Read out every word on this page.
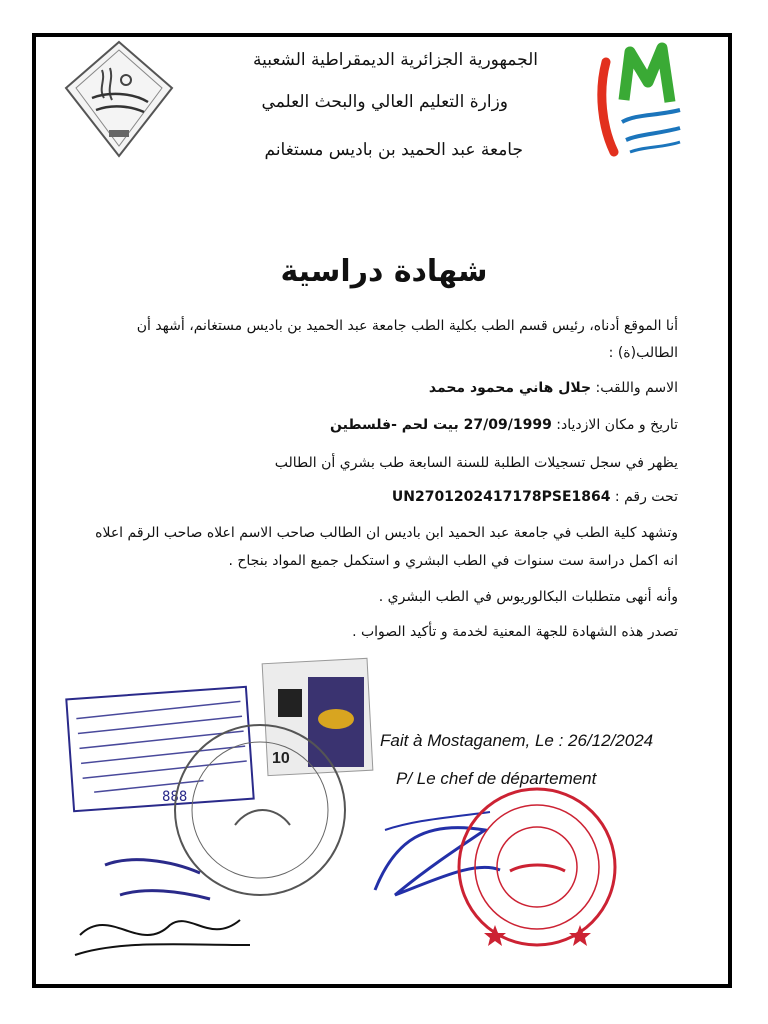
الجمهورية الجزائرية الديمقراطية الشعبية
وزارة التعليم العالي والبحث العلمي
جامعة عبد الحميد بن باديس مستغانم
شهادة دراسية
أنا الموقع أدناه، رئيس قسم الطب بكلية الطب جامعة عبد الحميد بن باديس مستغانم، أشهد أن
الطالب(ة) :
الاسم واللقب: جلال هاني محمود محمد
تاريخ و مكان الازدياد: 27/09/1999 بيت لحم -فلسطين
يظهر في سجل تسجيلات الطلبة للسنة السابعة طب بشري أن الطالب
تحت رقم : UN2701202417178PSE1864
وتشهد كلية الطب في جامعة عبد الحميد ابن باديس ان الطالب صاحب الاسم اعلاه صاحب الرقم اعلاه
انه اكمل دراسة ست سنوات في الطب البشري و استكمل جميع المواد بنجاح .
وأنه أنهى متطلبات البكالوريوس في الطب البشري .
تصدر هذه الشهادة للجهة المعنية لخدمة و تأكيد الصواب .
Fait à Mostaganem, Le : 26/12/2024
P/ Le chef de département
888
10
